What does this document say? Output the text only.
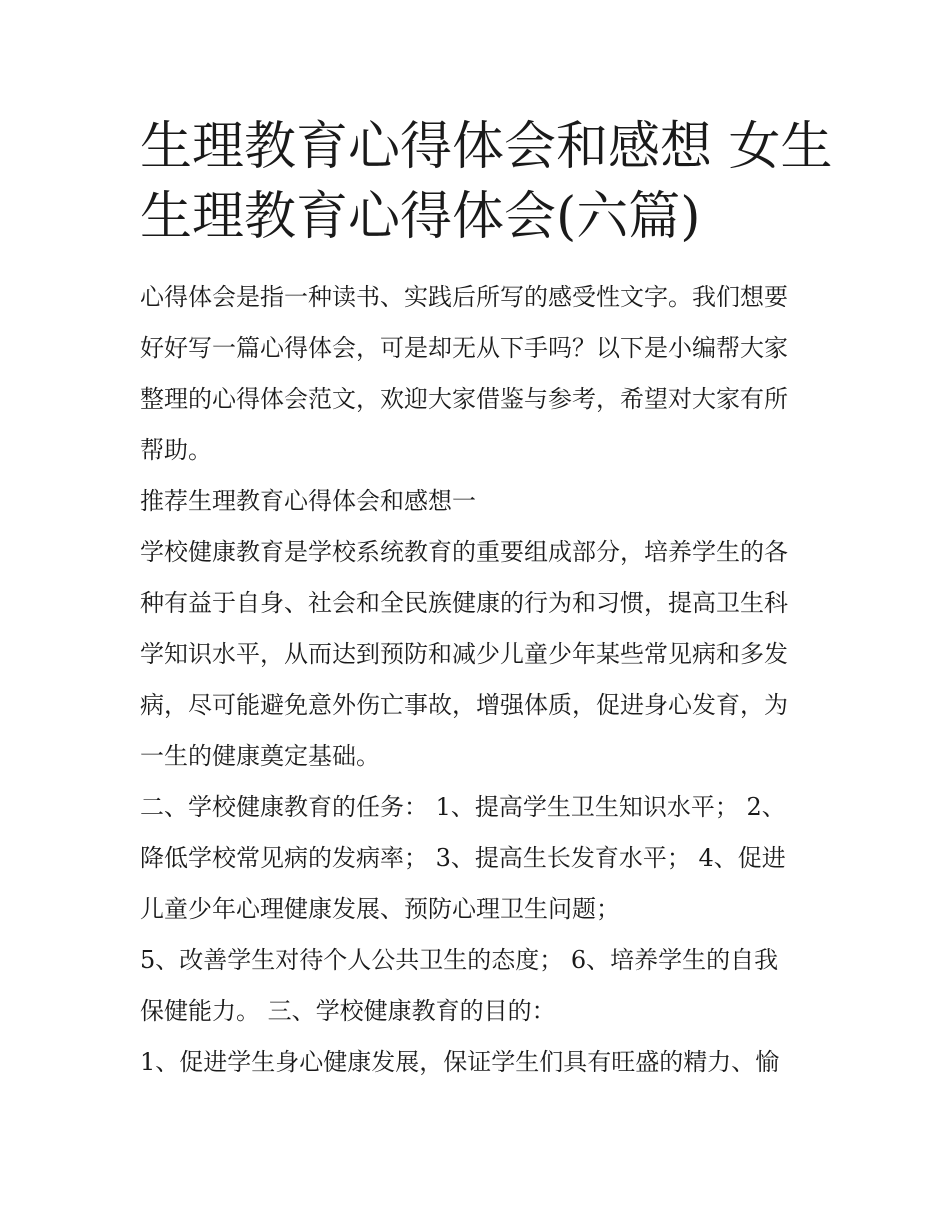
生理教育心得体会和感想 女生
生理教育心得体会(六篇)
心得体会是指一种读书、实践后所写的感受性文字。我们想要
好好写一篇心得体会，可是却无从下手吗？以下是小编帮大家
整理的心得体会范文，欢迎大家借鉴与参考，希望对大家有所
帮助。
推荐生理教育心得体会和感想一
学校健康教育是学校系统教育的重要组成部分，培养学生的各
种有益于自身、社会和全民族健康的行为和习惯，提高卫生科
学知识水平，从而达到预防和减少儿童少年某些常见病和多发
病，尽可能避免意外伤亡事故，增强体质，促进身心发育，为
一生的健康奠定基础。
二、学校健康教育的任务： 1、提高学生卫生知识水平； 2、
降低学校常见病的发病率； 3、提高生长发育水平； 4、促进
儿童少年心理健康发展、预防心理卫生问题；
5、改善学生对待个人公共卫生的态度； 6、培养学生的自我
保健能力。 三、学校健康教育的目的：
1、促进学生身心健康发展，保证学生们具有旺盛的精力、愉
